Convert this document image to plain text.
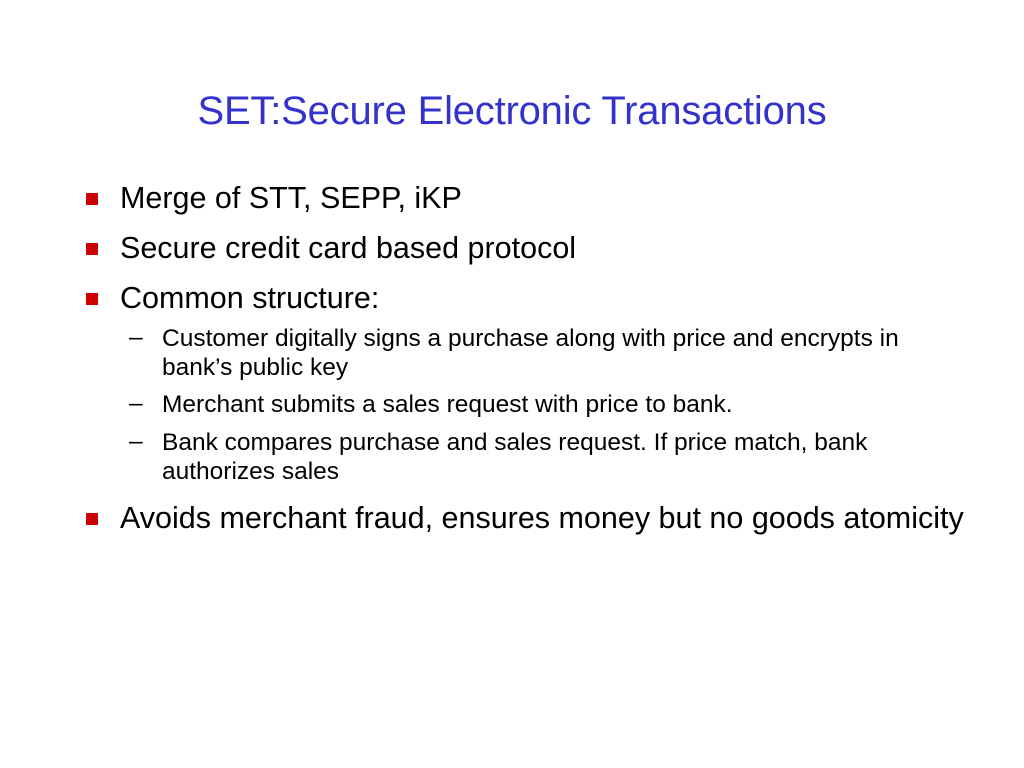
SET:Secure Electronic Transactions
Merge of STT, SEPP, iKP
Secure credit card based protocol
Common structure:
– Customer digitally signs a purchase along with price and encrypts in bank’s public key
– Merchant submits a sales request with price to bank.
– Bank compares purchase and sales request. If price match, bank authorizes sales
Avoids merchant fraud, ensures money but no goods atomicity
